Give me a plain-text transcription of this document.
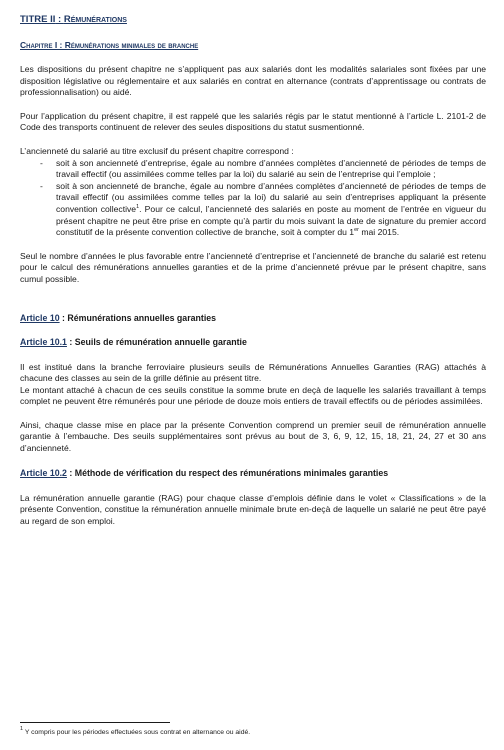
TITRE II : Rémunérations
Chapitre I : Rémunérations minimales de branche

Les dispositions du présent chapitre ne s’appliquent pas aux salariés dont les modalités salariales sont fixées par une disposition législative ou réglementaire et aux salariés en contrat en alternance (contrats d’apprentissage ou contrats de professionnalisation) ou aidé.

Pour l’application du présent chapitre, il est rappelé que les salariés régis par le statut mentionné à l’article L. 2101-2 de Code des transports continuent de relever des seules dispositions du statut susmentionné.

L’ancienneté du salarié au titre exclusif du présent chapitre correspond :

- soit à son ancienneté d’entreprise, égale au nombre d’années complètes d’ancienneté de périodes de temps de travail effectif (ou assimilées comme telles par la loi) du salarié au sein de l’entreprise qui l’emploie ;
- soit à son ancienneté de branche, égale au nombre d’années complètes d’ancienneté de périodes de temps de travail effectif (ou assimilées comme telles par la loi) du salarié au sein d’entreprises appliquant la présente convention collective$^1$. Pour ce calcul, l’ancienneté des salariés en poste au moment de l’entrée en vigueur du présent chapitre ne peut être prise en compte qu’à partir du mois suivant la date de signature du premier accord constitutif de la présente convention collective de branche, soit à compter du 1er mai 2015.

Seul le nombre d’années le plus favorable entre l’ancienneté d’entreprise et l’ancienneté de branche du salarié est retenu pour le calcul des rémunérations annuelles garanties et de la prime d’ancienneté prévue par le présent chapitre, sans cumul possible.

Article 10 : Rémunérations annuelles garanties
Article 10.1 : Seuils de rémunération annuelle garantie

Il est institué dans la branche ferroviaire plusieurs seuils de Rémunérations Annuelles Garanties (RAG) attachés à chacune des classes au sein de la grille définie au présent titre.

Le montant attaché à chacun de ces seuils constitue la somme brute en deçà de laquelle les salariés travaillant à temps complet ne peuvent être rémunérés pour une période de douze mois entiers de travail effectifs ou de périodes assimilées.

Ainsi, chaque classe mise en place par la présente Convention comprend un premier seuil de rémunération annuelle garantie à l’embauche. Des seuils supplémentaires sont prévus au bout de 3, 6, 9, 12, 15, 18, 21, 24, 27 et 30 ans d’ancienneté.

Article 10.2 : Méthode de vérification du respect des rémunérations minimales garanties

La rémunération annuelle garantie (RAG) pour chaque classe d’emplois définie dans le volet « Classifications » de la présente Convention, constitue la rémunération annuelle minimale brute en-deçà de laquelle un salarié ne peut être payé au regard de son emploi.

$^1$ Y compris pour les périodes effectuées sous contrat en alternance ou aidé.
